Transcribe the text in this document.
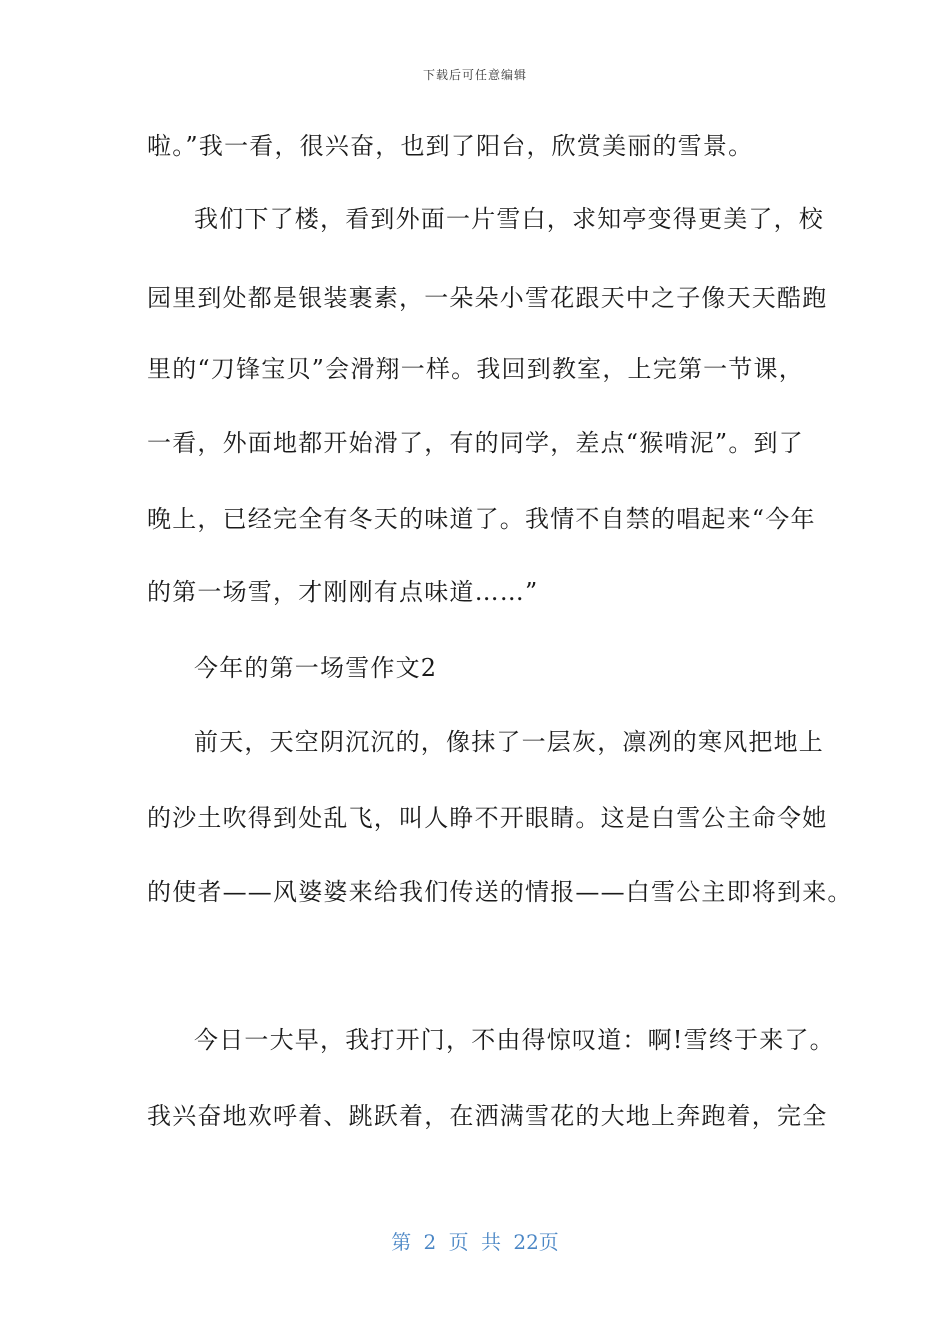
下载后可任意编辑
啦。”我一看，很兴奋，也到了阳台，欣赏美丽的雪景。
我们下了楼，看到外面一片雪白，求知亭变得更美了，校
园里到处都是银装裹素，一朵朵小雪花跟天中之子像天天酷跑
里的“刀锋宝贝”会滑翔一样。我回到教室，上完第一节课，
一看，外面地都开始滑了，有的同学，差点“猴啃泥”。到了
晚上，已经完全有冬天的味道了。我情不自禁的唱起来“今年
的第一场雪，才刚刚有点味道……”
今年的第一场雪作文2
前天，天空阴沉沉的，像抹了一层灰，凛冽的寒风把地上
的沙土吹得到处乱飞，叫人睁不开眼睛。这是白雪公主命令她
的使者——风婆婆来给我们传送的情报——白雪公主即将到来。
今日一大早，我打开门，不由得惊叹道：啊!雪终于来了。
我兴奋地欢呼着、跳跃着，在洒满雪花的大地上奔跑着，完全
第 2 页 共 22页
